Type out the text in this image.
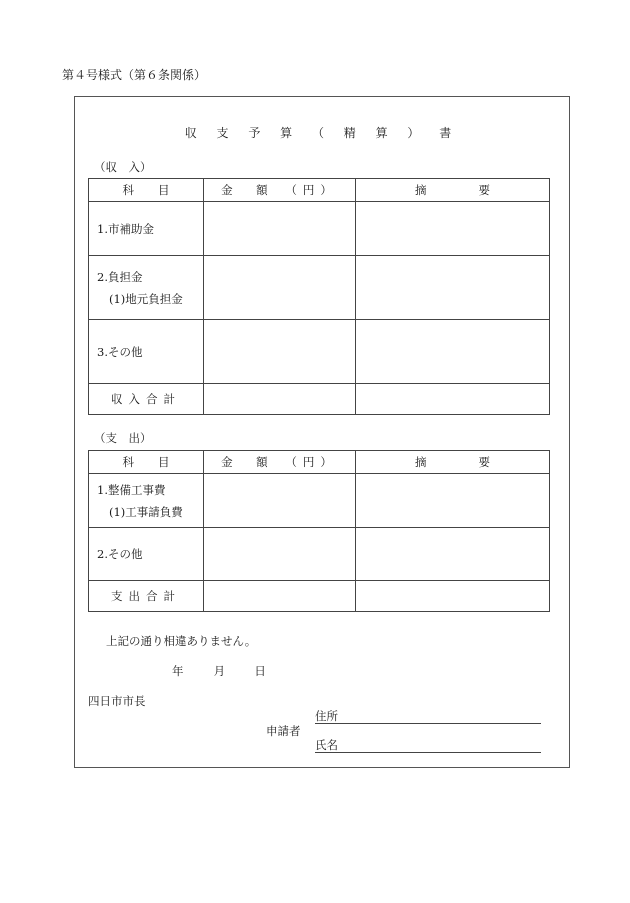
第４号様式（第６条関係）
収 支 予 算 （ 精 算 ） 書
（収　入）
科目	金　額　（円）	摘要

1.市補助金		

2.負担金
(1)地元負担金		

3.その他		

収入合計		
（支　出）
科目	金　額　（円）	摘要

1.整備工事費
(1)工事請負費		

2.その他		

支出合計		
上記の通り相違ありません。
年	月	日
四日市市長
申請者
住所
氏名
